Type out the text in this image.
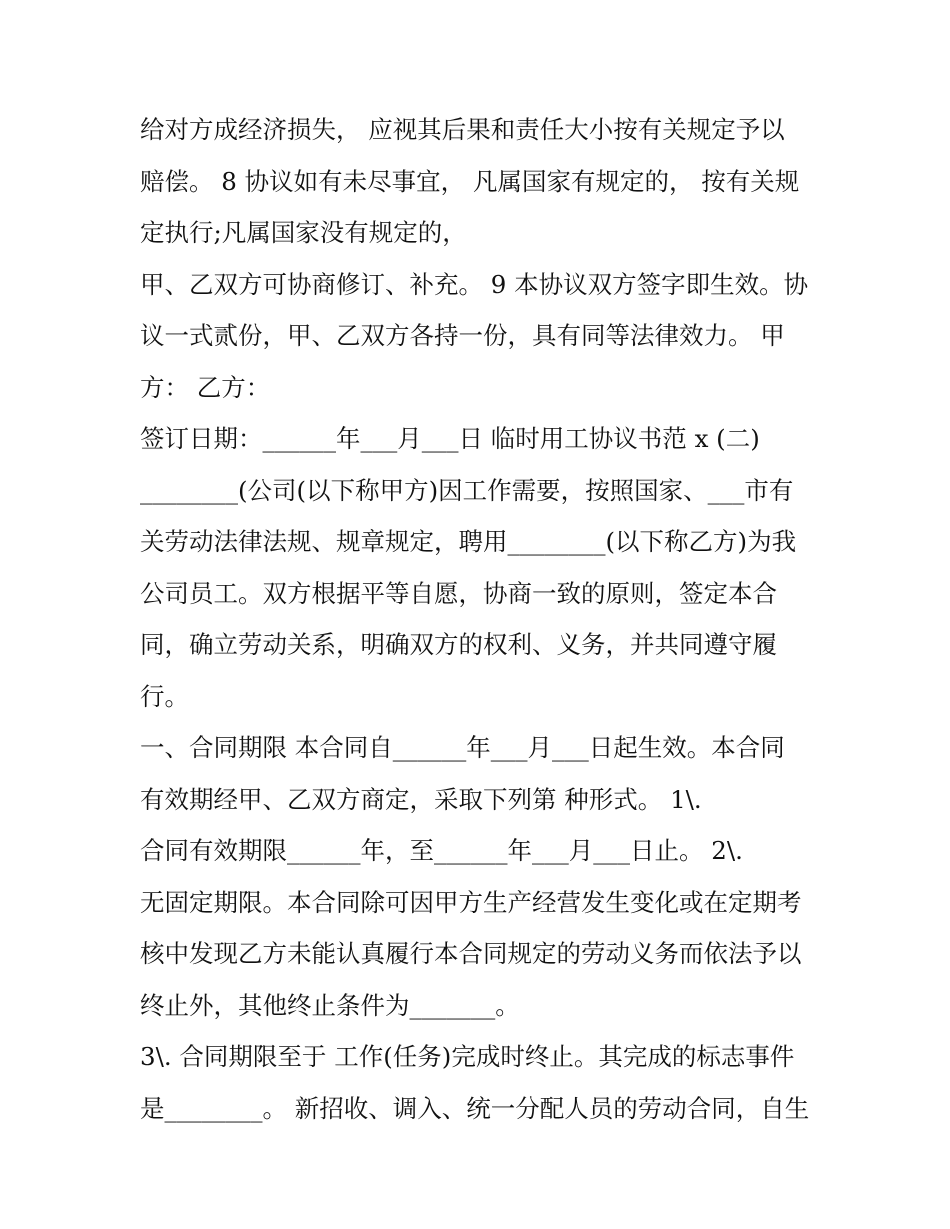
给对方成经济损失， 应视其后果和责任大小按有关规定予以
赔偿。 8 协议如有未尽事宜， 凡属国家有规定的， 按有关规
定执行;凡属国家没有规定的，
甲、乙双方可协商修订、补充。 9 本协议双方签字即生效。协
议一式贰份，甲、乙双方各持一份，具有同等法律效力。 甲
方： 乙方：
签订日期：______年___月___日 临时用工协议书范 x (二)
________(公司(以下称甲方)因工作需要，按照国家、___市有
关劳动法律法规、规章规定，聘用________(以下称乙方)为我
公司员工。双方根据平等自愿，协商一致的原则，签定本合
同，确立劳动关系，明确双方的权利、义务，并共同遵守履
行。
一、合同期限 本合同自______年___月___日起生效。本合同
有效期经甲、乙双方商定，采取下列第 种形式。 1\.
合同有效期限______年，至______年___月___日止。 2\.
无固定期限。本合同除可因甲方生产经营发生变化或在定期考
核中发现乙方未能认真履行本合同规定的劳动义务而依法予以
终止外，其他终止条件为_______。
3\. 合同期限至于 工作(任务)完成时终止。其完成的标志事件
是________。 新招收、调入、统一分配人员的劳动合同，自生
